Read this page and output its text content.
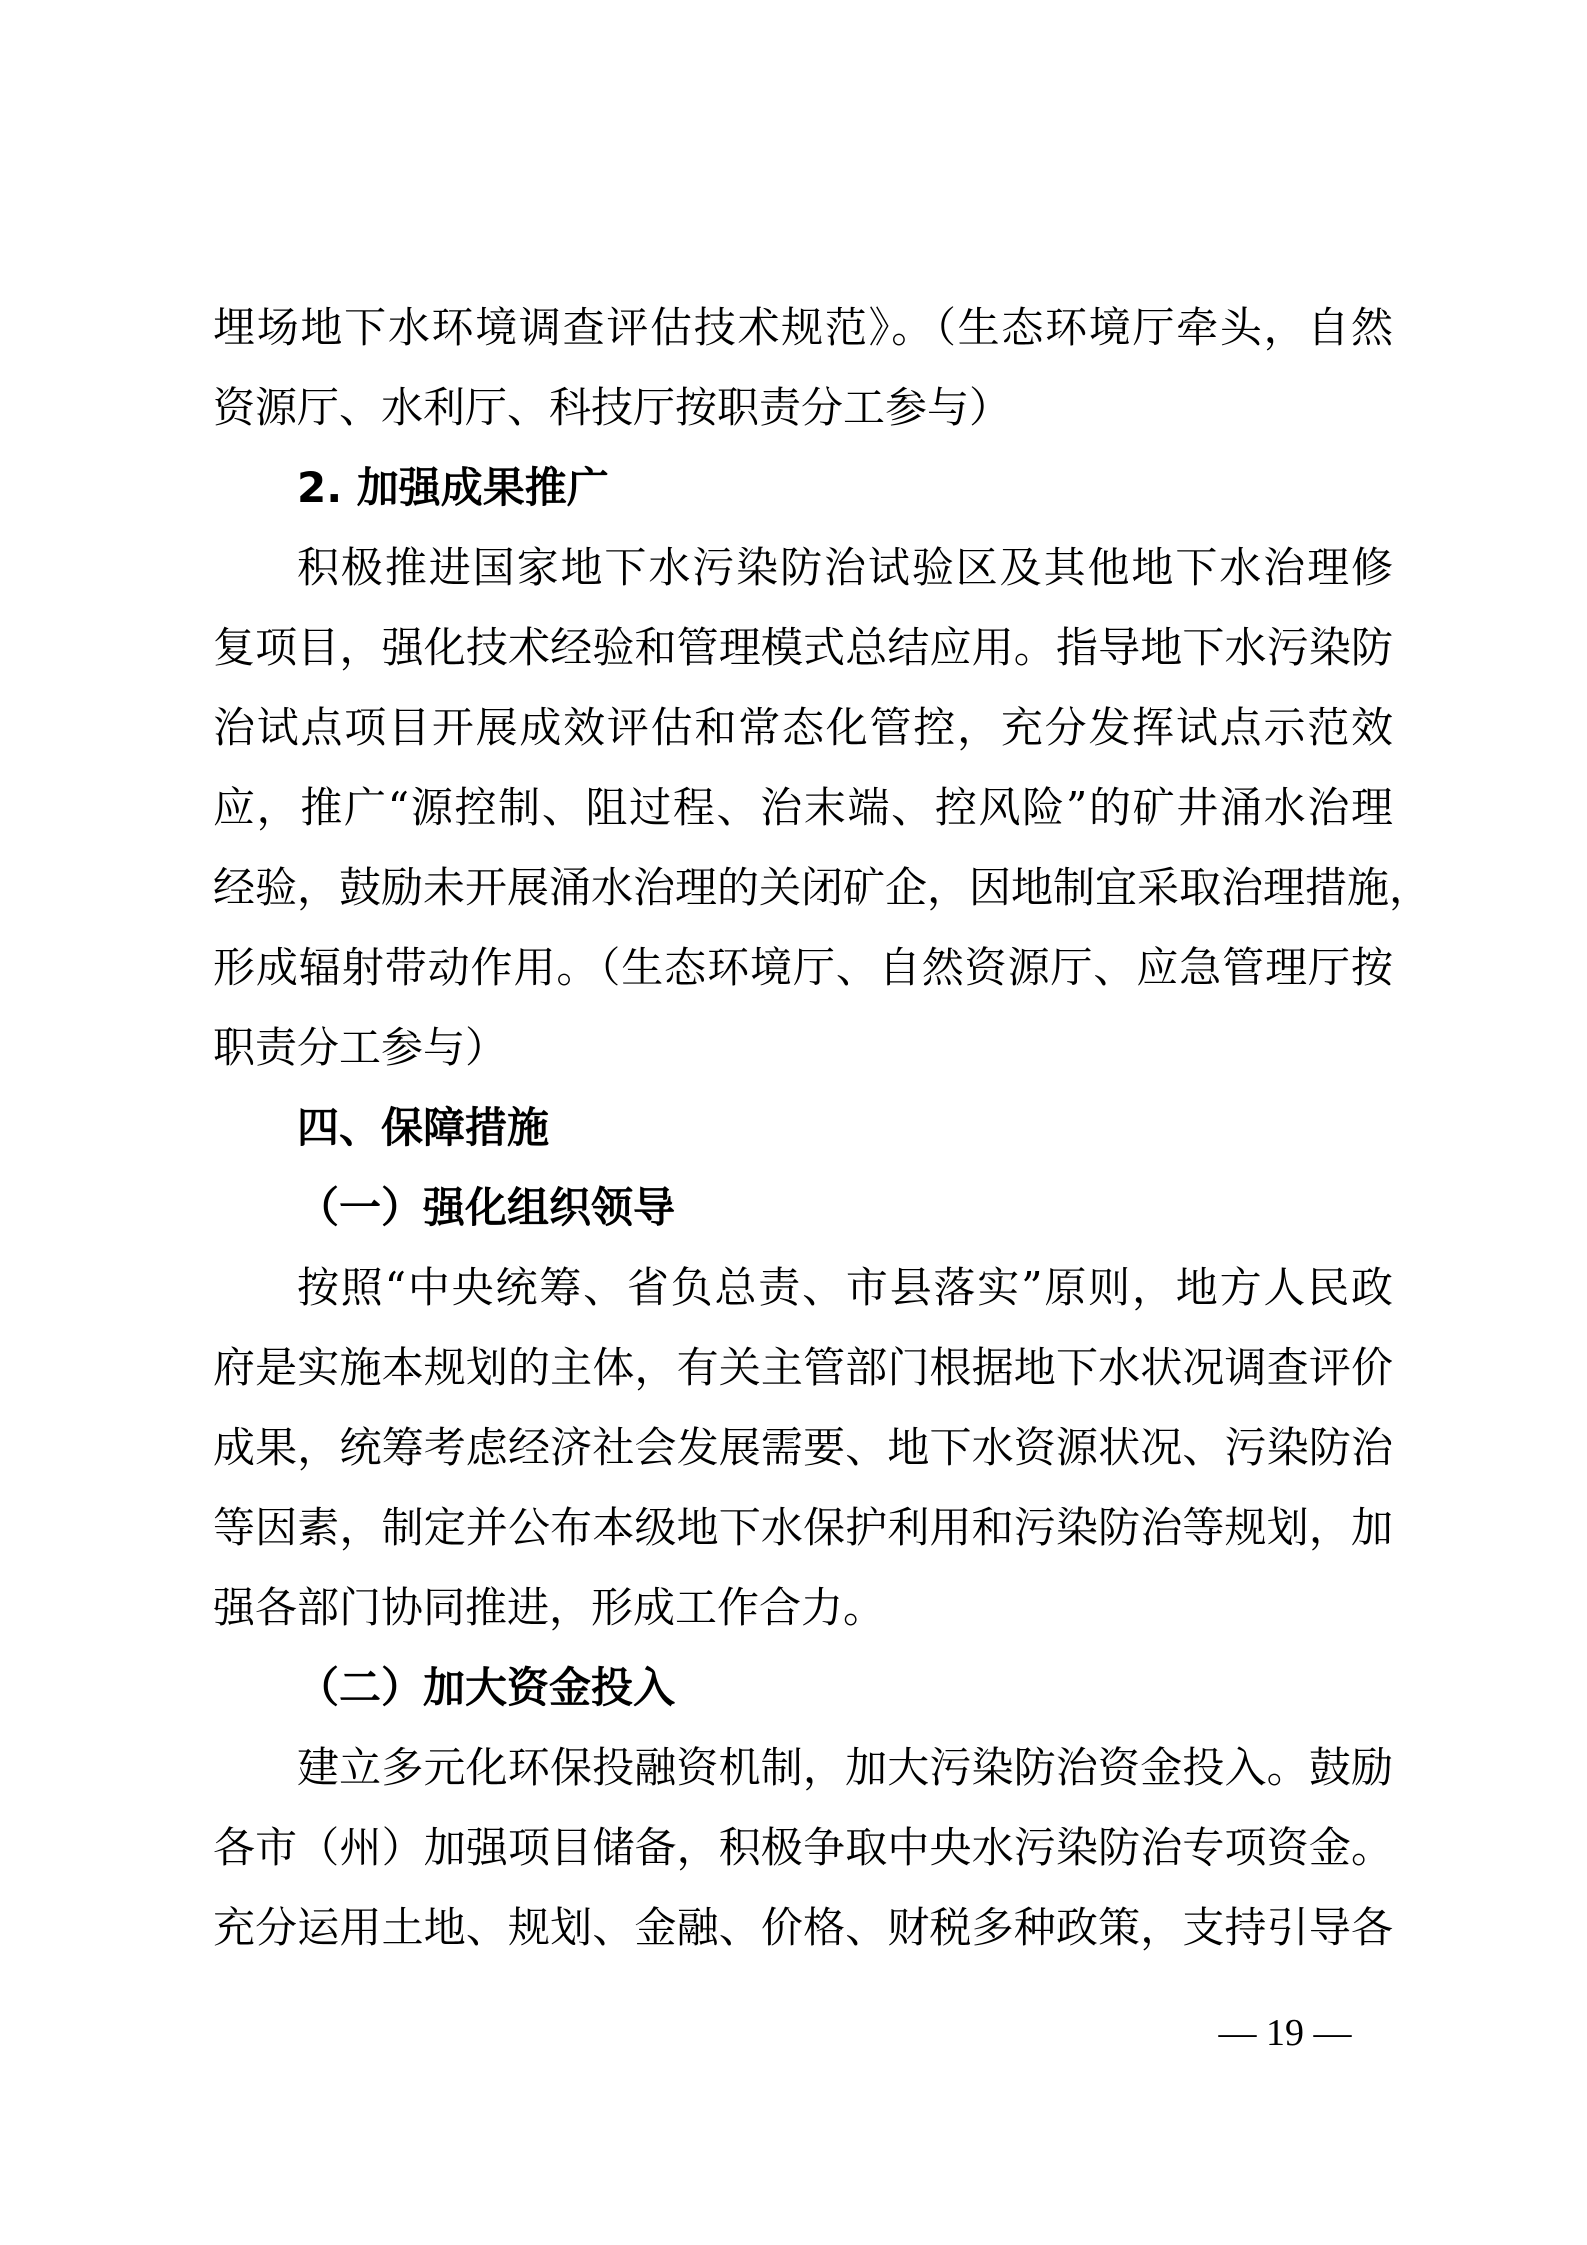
埋场地下水环境调查评估技术规范》。（生态环境厅牵头，自然
资源厅、水利厅、科技厅按职责分工参与）
2. 加强成果推广
积极推进国家地下水污染防治试验区及其他地下水治理修
复项目，强化技术经验和管理模式总结应用。指导地下水污染防
治试点项目开展成效评估和常态化管控，充分发挥试点示范效
应，推广“源控制、阻过程、治末端、控风险”的矿井涌水治理
经验，鼓励未开展涌水治理的关闭矿企，因地制宜采取治理措施，
形成辐射带动作用。（生态环境厅、自然资源厅、应急管理厅按
职责分工参与）
四、保障措施
（一）强化组织领导
按照“中央统筹、省负总责、市县落实”原则，地方人民政
府是实施本规划的主体，有关主管部门根据地下水状况调查评价
成果，统筹考虑经济社会发展需要、地下水资源状况、污染防治
等因素，制定并公布本级地下水保护利用和污染防治等规划，加
强各部门协同推进，形成工作合力。
（二）加大资金投入
建立多元化环保投融资机制，加大污染防治资金投入。鼓励
各市（州）加强项目储备，积极争取中央水污染防治专项资金。
充分运用土地、规划、金融、价格、财税多种政策，支持引导各
— 19 —
